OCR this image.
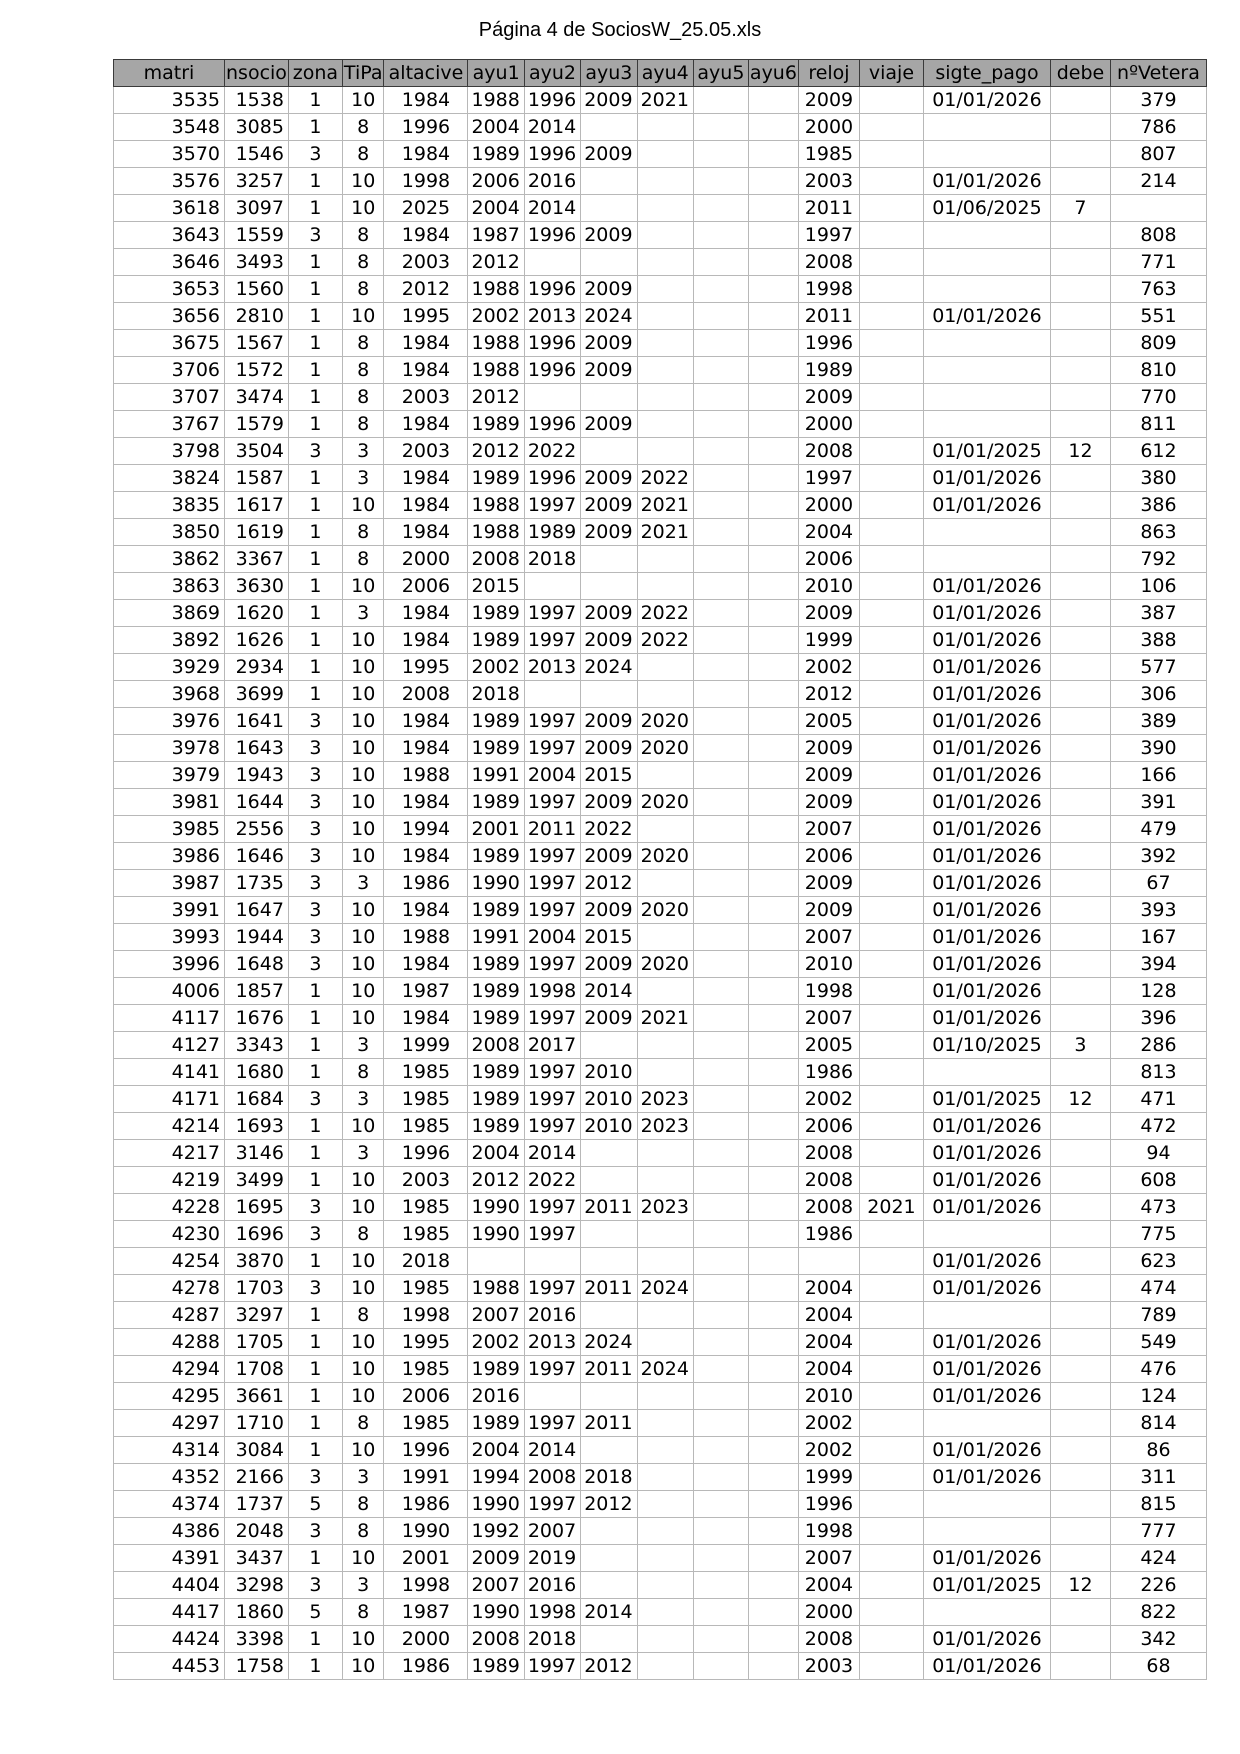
Página 4 de SociosW_25.05.xls
matri	nsocio	zona	TiPa	altacive	ayu1	ayu2	ayu3	ayu4	ayu5	ayu6	reloj	viaje	sigte_pago	debe	nºVetera
3535	1538	1	10	1984	1988	1996	2009	2021			2009		01/01/2026		379
3548	3085	1	8	1996	2004	2014					2000				786
3570	1546	3	8	1984	1989	1996	2009				1985				807
3576	3257	1	10	1998	2006	2016					2003		01/01/2026		214
3618	3097	1	10	2025	2004	2014					2011		01/06/2025	7	
3643	1559	3	8	1984	1987	1996	2009				1997				808
3646	3493	1	8	2003	2012						2008				771
3653	1560	1	8	2012	1988	1996	2009				1998				763
3656	2810	1	10	1995	2002	2013	2024				2011		01/01/2026		551
3675	1567	1	8	1984	1988	1996	2009				1996				809
3706	1572	1	8	1984	1988	1996	2009				1989				810
3707	3474	1	8	2003	2012						2009				770
3767	1579	1	8	1984	1989	1996	2009				2000				811
3798	3504	3	3	2003	2012	2022					2008		01/01/2025	12	612
3824	1587	1	3	1984	1989	1996	2009	2022			1997		01/01/2026		380
3835	1617	1	10	1984	1988	1997	2009	2021			2000		01/01/2026		386
3850	1619	1	8	1984	1988	1989	2009	2021			2004				863
3862	3367	1	8	2000	2008	2018					2006				792
3863	3630	1	10	2006	2015						2010		01/01/2026		106
3869	1620	1	3	1984	1989	1997	2009	2022			2009		01/01/2026		387
3892	1626	1	10	1984	1989	1997	2009	2022			1999		01/01/2026		388
3929	2934	1	10	1995	2002	2013	2024				2002		01/01/2026		577
3968	3699	1	10	2008	2018						2012		01/01/2026		306
3976	1641	3	10	1984	1989	1997	2009	2020			2005		01/01/2026		389
3978	1643	3	10	1984	1989	1997	2009	2020			2009		01/01/2026		390
3979	1943	3	10	1988	1991	2004	2015				2009		01/01/2026		166
3981	1644	3	10	1984	1989	1997	2009	2020			2009		01/01/2026		391
3985	2556	3	10	1994	2001	2011	2022				2007		01/01/2026		479
3986	1646	3	10	1984	1989	1997	2009	2020			2006		01/01/2026		392
3987	1735	3	3	1986	1990	1997	2012				2009		01/01/2026		67
3991	1647	3	10	1984	1989	1997	2009	2020			2009		01/01/2026		393
3993	1944	3	10	1988	1991	2004	2015				2007		01/01/2026		167
3996	1648	3	10	1984	1989	1997	2009	2020			2010		01/01/2026		394
4006	1857	1	10	1987	1989	1998	2014				1998		01/01/2026		128
4117	1676	1	10	1984	1989	1997	2009	2021			2007		01/01/2026		396
4127	3343	1	3	1999	2008	2017					2005		01/10/2025	3	286
4141	1680	1	8	1985	1989	1997	2010				1986				813
4171	1684	3	3	1985	1989	1997	2010	2023			2002		01/01/2025	12	471
4214	1693	1	10	1985	1989	1997	2010	2023			2006		01/01/2026		472
4217	3146	1	3	1996	2004	2014					2008		01/01/2026		94
4219	3499	1	10	2003	2012	2022					2008		01/01/2026		608
4228	1695	3	10	1985	1990	1997	2011	2023			2008	2021	01/01/2026		473
4230	1696	3	8	1985	1990	1997					1986				775
4254	3870	1	10	2018									01/01/2026		623
4278	1703	3	10	1985	1988	1997	2011	2024			2004		01/01/2026		474
4287	3297	1	8	1998	2007	2016					2004				789
4288	1705	1	10	1995	2002	2013	2024				2004		01/01/2026		549
4294	1708	1	10	1985	1989	1997	2011	2024			2004		01/01/2026		476
4295	3661	1	10	2006	2016						2010		01/01/2026		124
4297	1710	1	8	1985	1989	1997	2011				2002				814
4314	3084	1	10	1996	2004	2014					2002		01/01/2026		86
4352	2166	3	3	1991	1994	2008	2018				1999		01/01/2026		311
4374	1737	5	8	1986	1990	1997	2012				1996				815
4386	2048	3	8	1990	1992	2007					1998				777
4391	3437	1	10	2001	2009	2019					2007		01/01/2026		424
4404	3298	3	3	1998	2007	2016					2004		01/01/2025	12	226
4417	1860	5	8	1987	1990	1998	2014				2000				822
4424	3398	1	10	2000	2008	2018					2008		01/01/2026		342
4453	1758	1	10	1986	1989	1997	2012				2003		01/01/2026		68
